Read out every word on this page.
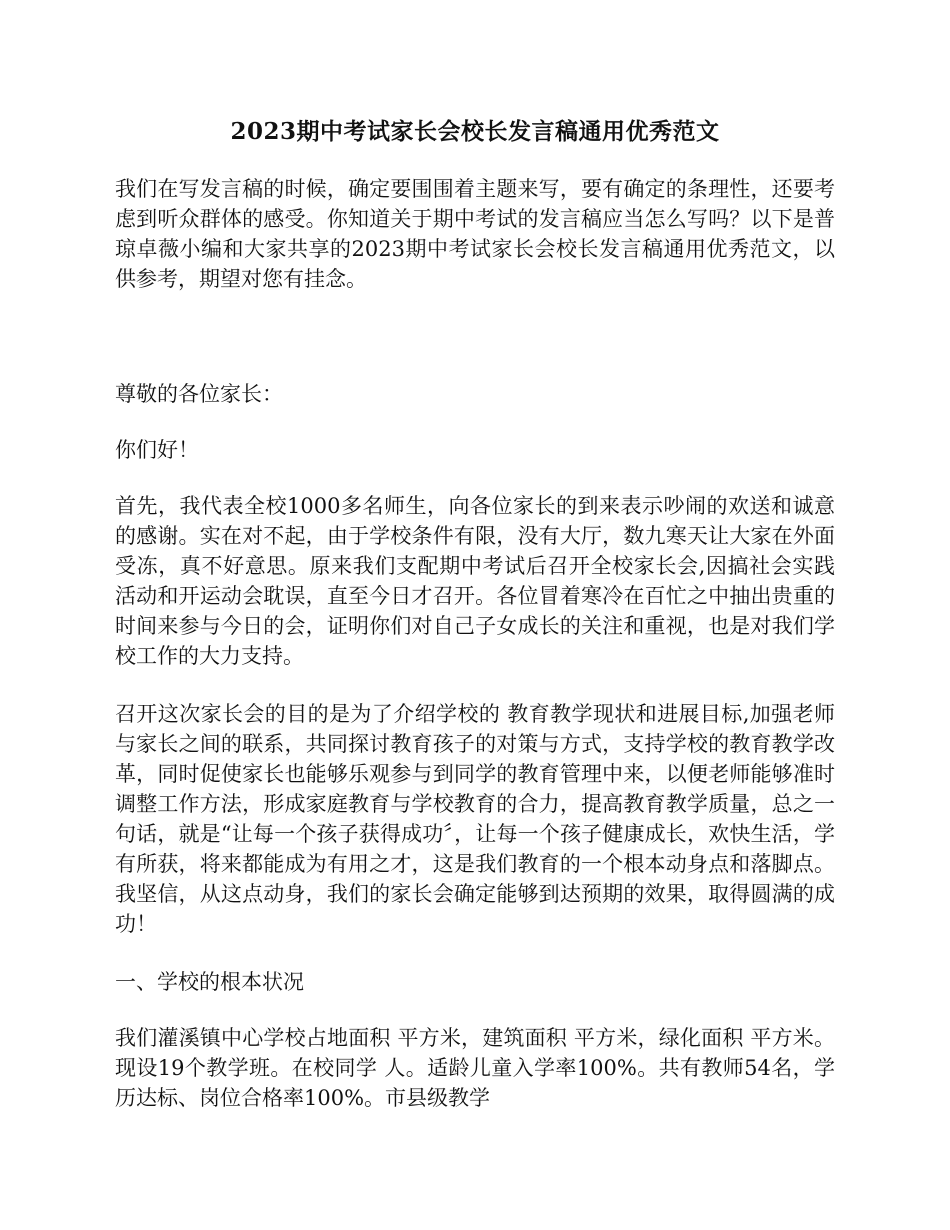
2023期中考试家长会校长发言稿通用优秀范文

我们在写发言稿的时候，确定要围围着主题来写，要有确定的条理性，还要考虑到听众群体的感受。你知道关于期中考试的发言稿应当怎么写吗？以下是普琼卓薇小编和大家共享的2023期中考试家长会校长发言稿通用优秀范文，以供参考，期望对您有挂念。

尊敬的各位家长：

你们好！

首先，我代表全校1000多名师生，向各位家长的到来表示吵闹的欢送和诚意的感谢。实在对不起，由于学校条件有限，没有大厅，数九寒天让大家在外面受冻，真不好意思。原来我们支配期中考试后召开全校家长会,因搞社会实践活动和开运动会耽误，直至今日才召开。各位冒着寒冷在百忙之中抽出贵重的时间来参与今日的会，证明你们对自己子女成长的关注和重视，也是对我们学校工作的大力支持。

召开这次家长会的目的是为了介绍学校的 教育教学现状和进展目标,加强老师与家长之间的联系，共同探讨教育孩子的对策与方式，支持学校的教育教学改革，同时促使家长也能够乐观参与到同学的教育管理中来，以便老师能够准时调整工作方法，形成家庭教育与学校教育的合力，提高教育教学质量，总之一句话，就是“让每一个孩子获得成功〞，让每一个孩子健康成长，欢快生活，学有所获，将来都能成为有用之才，这是我们教育的一个根本动身点和落脚点。我坚信，从这点动身，我们的家长会确定能够到达预期的效果，取得圆满的成功！

一、学校的根本状况

我们灌溪镇中心学校占地面积 平方米，建筑面积 平方米，绿化面积 平方米。现设19个教学班。在校同学 人。适龄儿童入学率100%。共有教师54名，学历达标、岗位合格率100%。市县级教学
